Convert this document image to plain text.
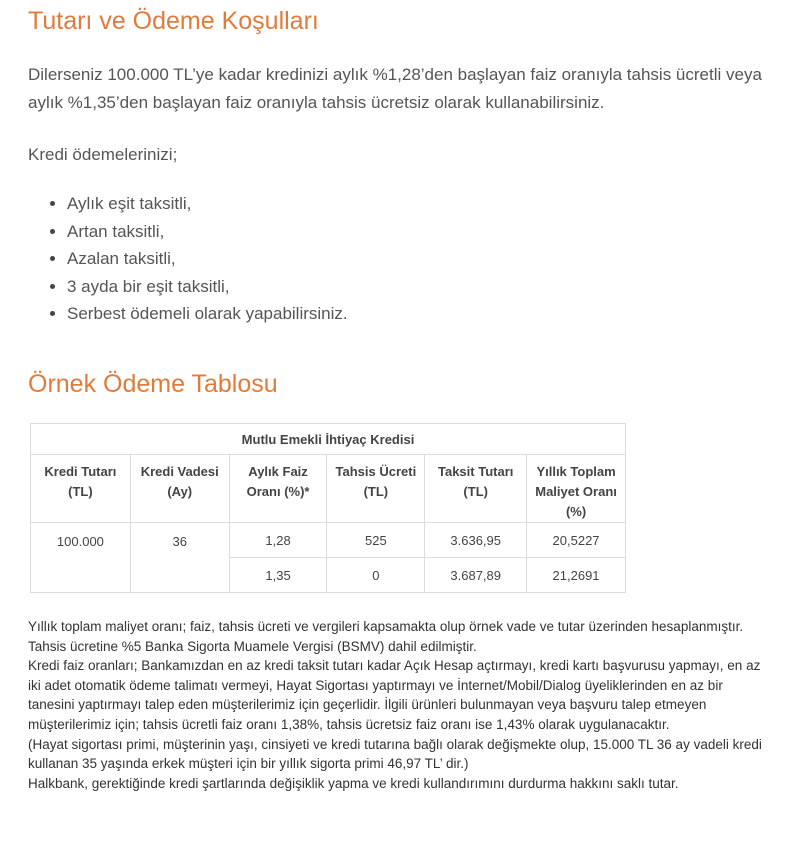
Tutarı ve Ödeme Koşulları

Dilerseniz 100.000 TL’ye kadar kredinizi aylık %1,28’den başlayan faiz oranıyla tahsis ücretli veya aylık %1,35’den başlayan faiz oranıyla tahsis ücretsiz olarak kullanabilirsiniz.

Kredi ödemelerinizi;

• Aylık eşit taksitli,
• Artan taksitli,
• Azalan taksitli,
• 3 ayda bir eşit taksitli,
• Serbest ödemeli olarak yapabilirsiniz.
Örnek Ödeme Tablosu
Mutlu Emekli İhtiyaç Kredisi					
Kredi Tutarı (TL)	Kredi Vadesi (Ay)	Aylık Faiz Oranı (%)*	Tahsis Ücreti (TL)	Taksit Tutarı (TL)	Yıllık Toplam Maliyet Oranı (%)
100.000	36	1,28	525	3.636,95	20,5227
		1,35	0	3.687,89	21,2691

Yıllık toplam maliyet oranı; faiz, tahsis ücreti ve vergileri kapsamakta olup örnek vade ve tutar üzerinden hesaplanmıştır.

Tahsis ücretine %5 Banka Sigorta Muamele Vergisi (BSMV) dahil edilmiştir.

Kredi faiz oranları; Bankamızdan en az kredi taksit tutarı kadar Açık Hesap açtırmayı, kredi kartı başvurusu yapmayı, en az iki adet otomatik ödeme talimatı vermeyi, Hayat Sigortası yaptırmayı ve İnternet/Mobil/Dialog üyeliklerinden en az bir tanesini yaptırmayı talep eden müşterilerimiz için geçerlidir. İlgili ürünleri bulunmayan veya başvuru talep etmeyen müşterilerimiz için; tahsis ücretli faiz oranı 1,38%, tahsis ücretsiz faiz oranı ise 1,43% olarak uygulanacaktır.

(Hayat sigortası primi, müşterinin yaşı, cinsiyeti ve kredi tutarına bağlı olarak değişmekte olup, 15.000 TL 36 ay vadeli kredi kullanan 35 yaşında erkek müşteri için bir yıllık sigorta primi 46,97 TL’ dir.)

Halkbank, gerektiğinde kredi şartlarında değişiklik yapma ve kredi kullandırımını durdurma hakkını saklı tutar.
